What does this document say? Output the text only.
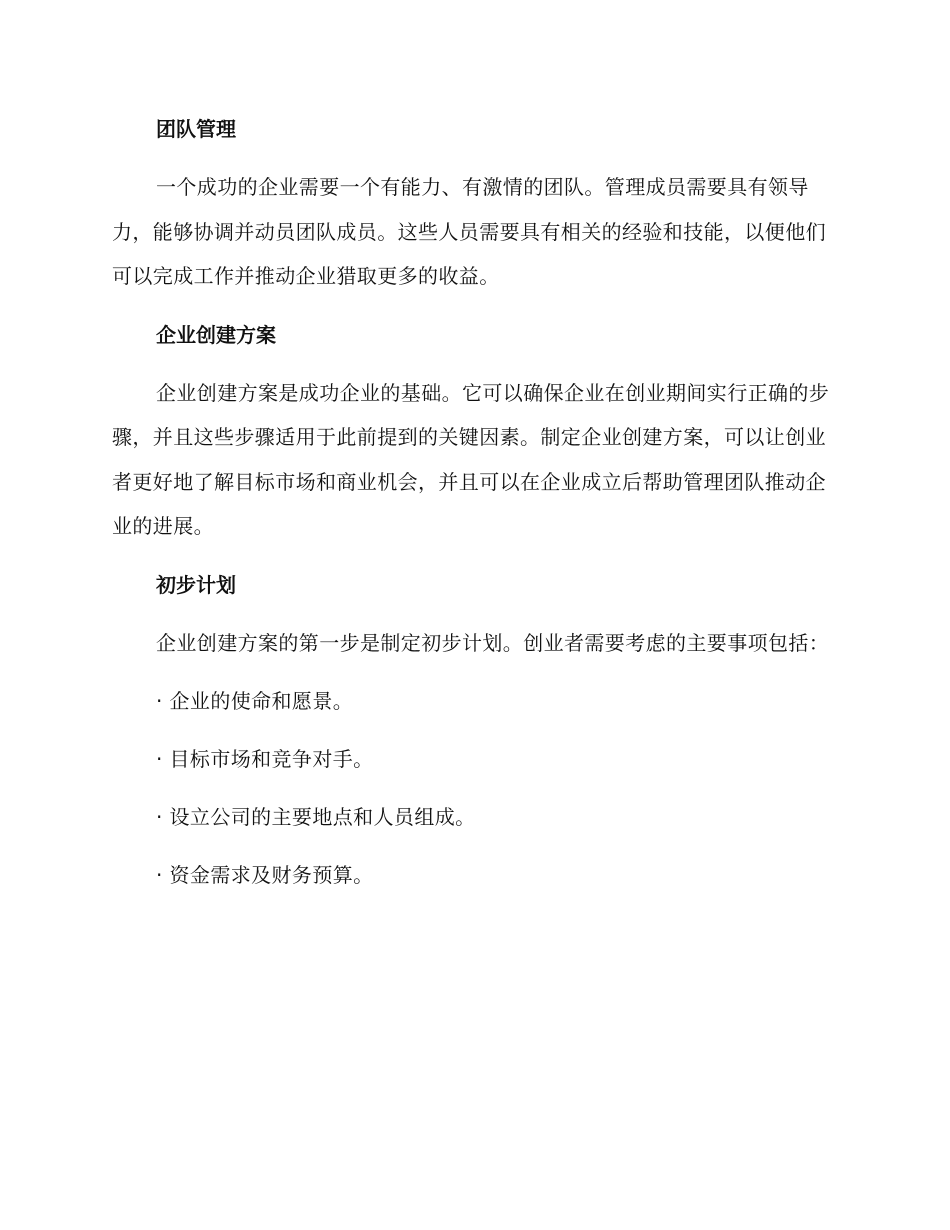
团队管理
一个成功的企业需要一个有能力、有激情的团队。管理成员需要具有领导力，能够协调并动员团队成员。这些人员需要具有相关的经验和技能，以便他们可以完成工作并推动企业猎取更多的收益。
企业创建方案
企业创建方案是成功企业的基础。它可以确保企业在创业期间实行正确的步骤，并且这些步骤适用于此前提到的关键因素。制定企业创建方案，可以让创业者更好地了解目标市场和商业机会，并且可以在企业成立后帮助管理团队推动企业的进展。
初步计划
企业创建方案的第一步是制定初步计划。创业者需要考虑的主要事项包括：
· 企业的使命和愿景。
· 目标市场和竞争对手。
· 设立公司的主要地点和人员组成。
· 资金需求及财务预算。
